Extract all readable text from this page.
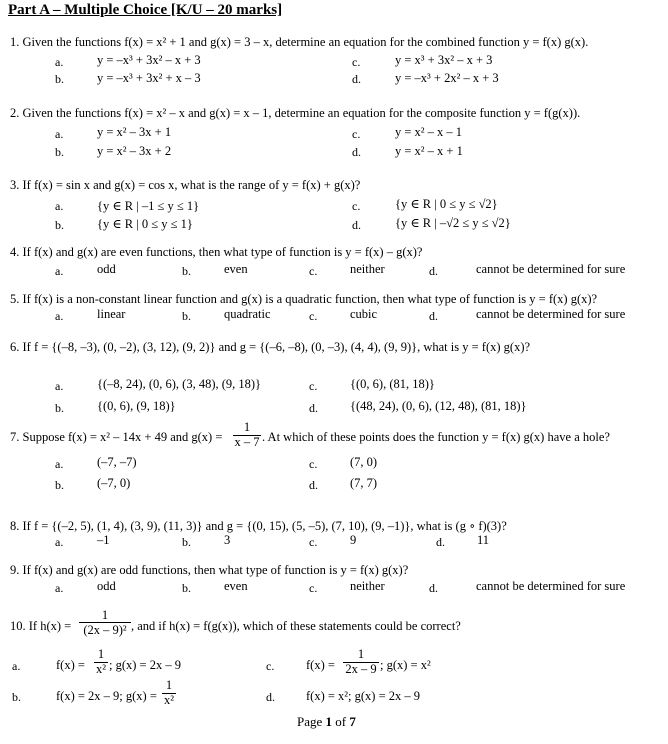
Part A – Multiple Choice [K/U – 20 marks]
1. Given the functions f(x) = x² + 1 and g(x) = 3 – x, determine an equation for the combined function y = f(x) g(x).
a.	y = –x³ + 3x² – x + 3
b.	y = –x³ + 3x² + x – 3
c.	y = x³ + 3x² – x + 3
d.	y = –x³ + 2x² – x + 3
2. Given the functions f(x) = x² – x and g(x) = x – 1, determine an equation for the composite function y = f(g(x)).
a.	y = x² – 3x + 1
b.	y = x² – 3x + 2
c.	y = x² – x – 1
d.	y = x² – x + 1
3. If f(x) = sin x and g(x) = cos x, what is the range of y = f(x) + g(x)?
a.	{y ∈ R | –1 ≤ y ≤ 1}
b.	{y ∈ R | 0 ≤ y ≤ 1}
c.	{y ∈ R | 0 ≤ y ≤ √2}
d.	{y ∈ R | –√2 ≤ y ≤ √2}
4. If f(x) and g(x) are even functions, then what type of function is y = f(x) – g(x)?
a.	odd	b.	even	c.	neither	d.	cannot be determined for sure
5. If f(x) is a non-constant linear function and g(x) is a quadratic function, then what type of function is y = f(x) g(x)?
a.	linear	b.	quadratic	c.	cubic	d.	cannot be determined for sure
6. If f = {(–8, –3), (0, –2), (3, 12), (9, 2)} and g = {(–6, –8), (0, –3), (4, 4), (9, 9)}, what is y = f(x) g(x)?
a.	{(–8, 24), (0, 6), (3, 48), (9, 18)}
b.	{(0, 6), (9, 18)}
c.	{(0, 6), (81, 18)}
d.	{(48, 24), (0, 6), (12, 48), (81, 18)}
7. Suppose f(x) = x² – 14x + 49 and $g(x) = \frac{1}{x - 7}$ . At which of these points does the function y = f(x) g(x) have a hole?
a.	(–7, –7)
b.	(–7, 0)
c.	(7, 0)
d.	(7, 7)
8. If f = {(–2, 5), (1, 4), (3, 9), (11, 3)} and g = {(0, 15), (5, –5), (7, 10), (9, –1)}, what is (g ∘ f)(3)?
a.	–1	b.	3	c.	9	d.	11
9. If f(x) and g(x) are odd functions, then what type of function is y = f(x) g(x)?
a.	odd	b.	even	c.	neither	d.	cannot be determined for sure
10. If $h(x) = \frac{1}{\text{(2x – 9)²}}$ , and if h(x) = f(g(x)), which of these statements could be correct?
a.	$f(x) = \frac{1}{\text{x²}}$ ; g(x) = 2x – 9
b.	f(x) = 2x – 9; $g(x) = \frac{1}{\text{x²}}$
c.	$f(x) = \frac{1}{2x - 9}$ ; g(x) = x²
d. f(x) = x²; g(x) = 2x – 9
Page 1 of 7
